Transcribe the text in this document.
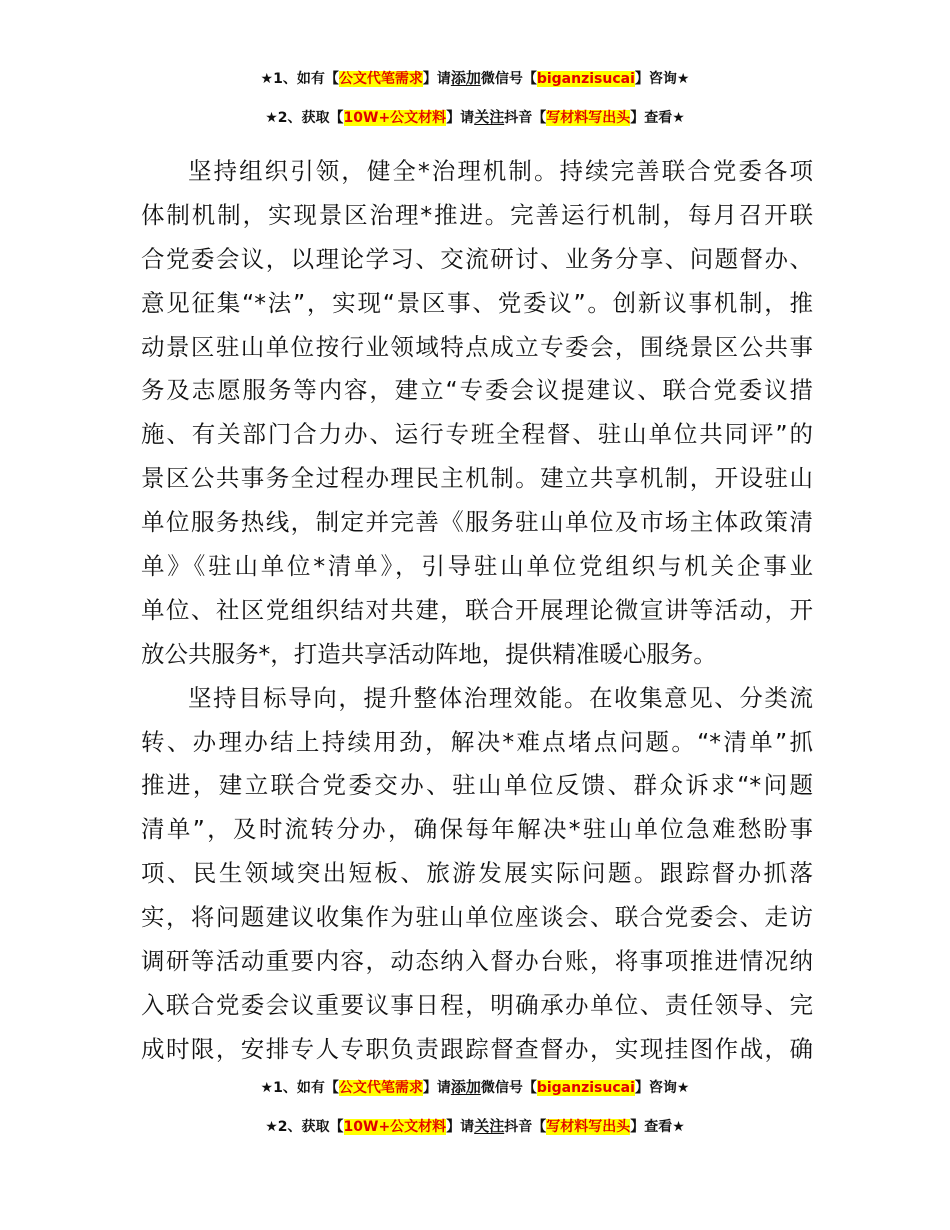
★1、如有【公文代笔需求】请添加微信号【biganzisucai】咨询★
★2、获取【10W+公文材料】请关注抖音【写材料写出头】查看★
坚持组织引领，健全*治理机制。持续完善联合党委各项
体制机制，实现景区治理*推进。完善运行机制，每月召开联
合党委会议，以理论学习、交流研讨、业务分享、问题督办、
意见征集“*法”，实现“景区事、党委议”。创新议事机制，推
动景区驻山单位按行业领域特点成立专委会，围绕景区公共事
务及志愿服务等内容，建立“专委会议提建议、联合党委议措
施、有关部门合力办、运行专班全程督、驻山单位共同评”的
景区公共事务全过程办理民主机制。建立共享机制，开设驻山
单位服务热线，制定并完善《服务驻山单位及市场主体政策清
单》《驻山单位*清单》，引导驻山单位党组织与机关企事业
单位、社区党组织结对共建，联合开展理论微宣讲等活动，开
放公共服务*，打造共享活动阵地，提供精准暖心服务。
坚持目标导向，提升整体治理效能。在收集意见、分类流
转、办理办结上持续用劲，解决*难点堵点问题。“*清单”抓
推进，建立联合党委交办、驻山单位反馈、群众诉求“*问题
清单”，及时流转分办，确保每年解决*驻山单位急难愁盼事
项、民生领域突出短板、旅游发展实际问题。跟踪督办抓落
实，将问题建议收集作为驻山单位座谈会、联合党委会、走访
调研等活动重要内容，动态纳入督办台账，将事项推进情况纳
入联合党委会议重要议事日程，明确承办单位、责任领导、完
成时限，安排专人专职负责跟踪督查督办，实现挂图作战，确
★1、如有【公文代笔需求】请添加微信号【biganzisucai】咨询★
★2、获取【10W+公文材料】请关注抖音【写材料写出头】查看★
